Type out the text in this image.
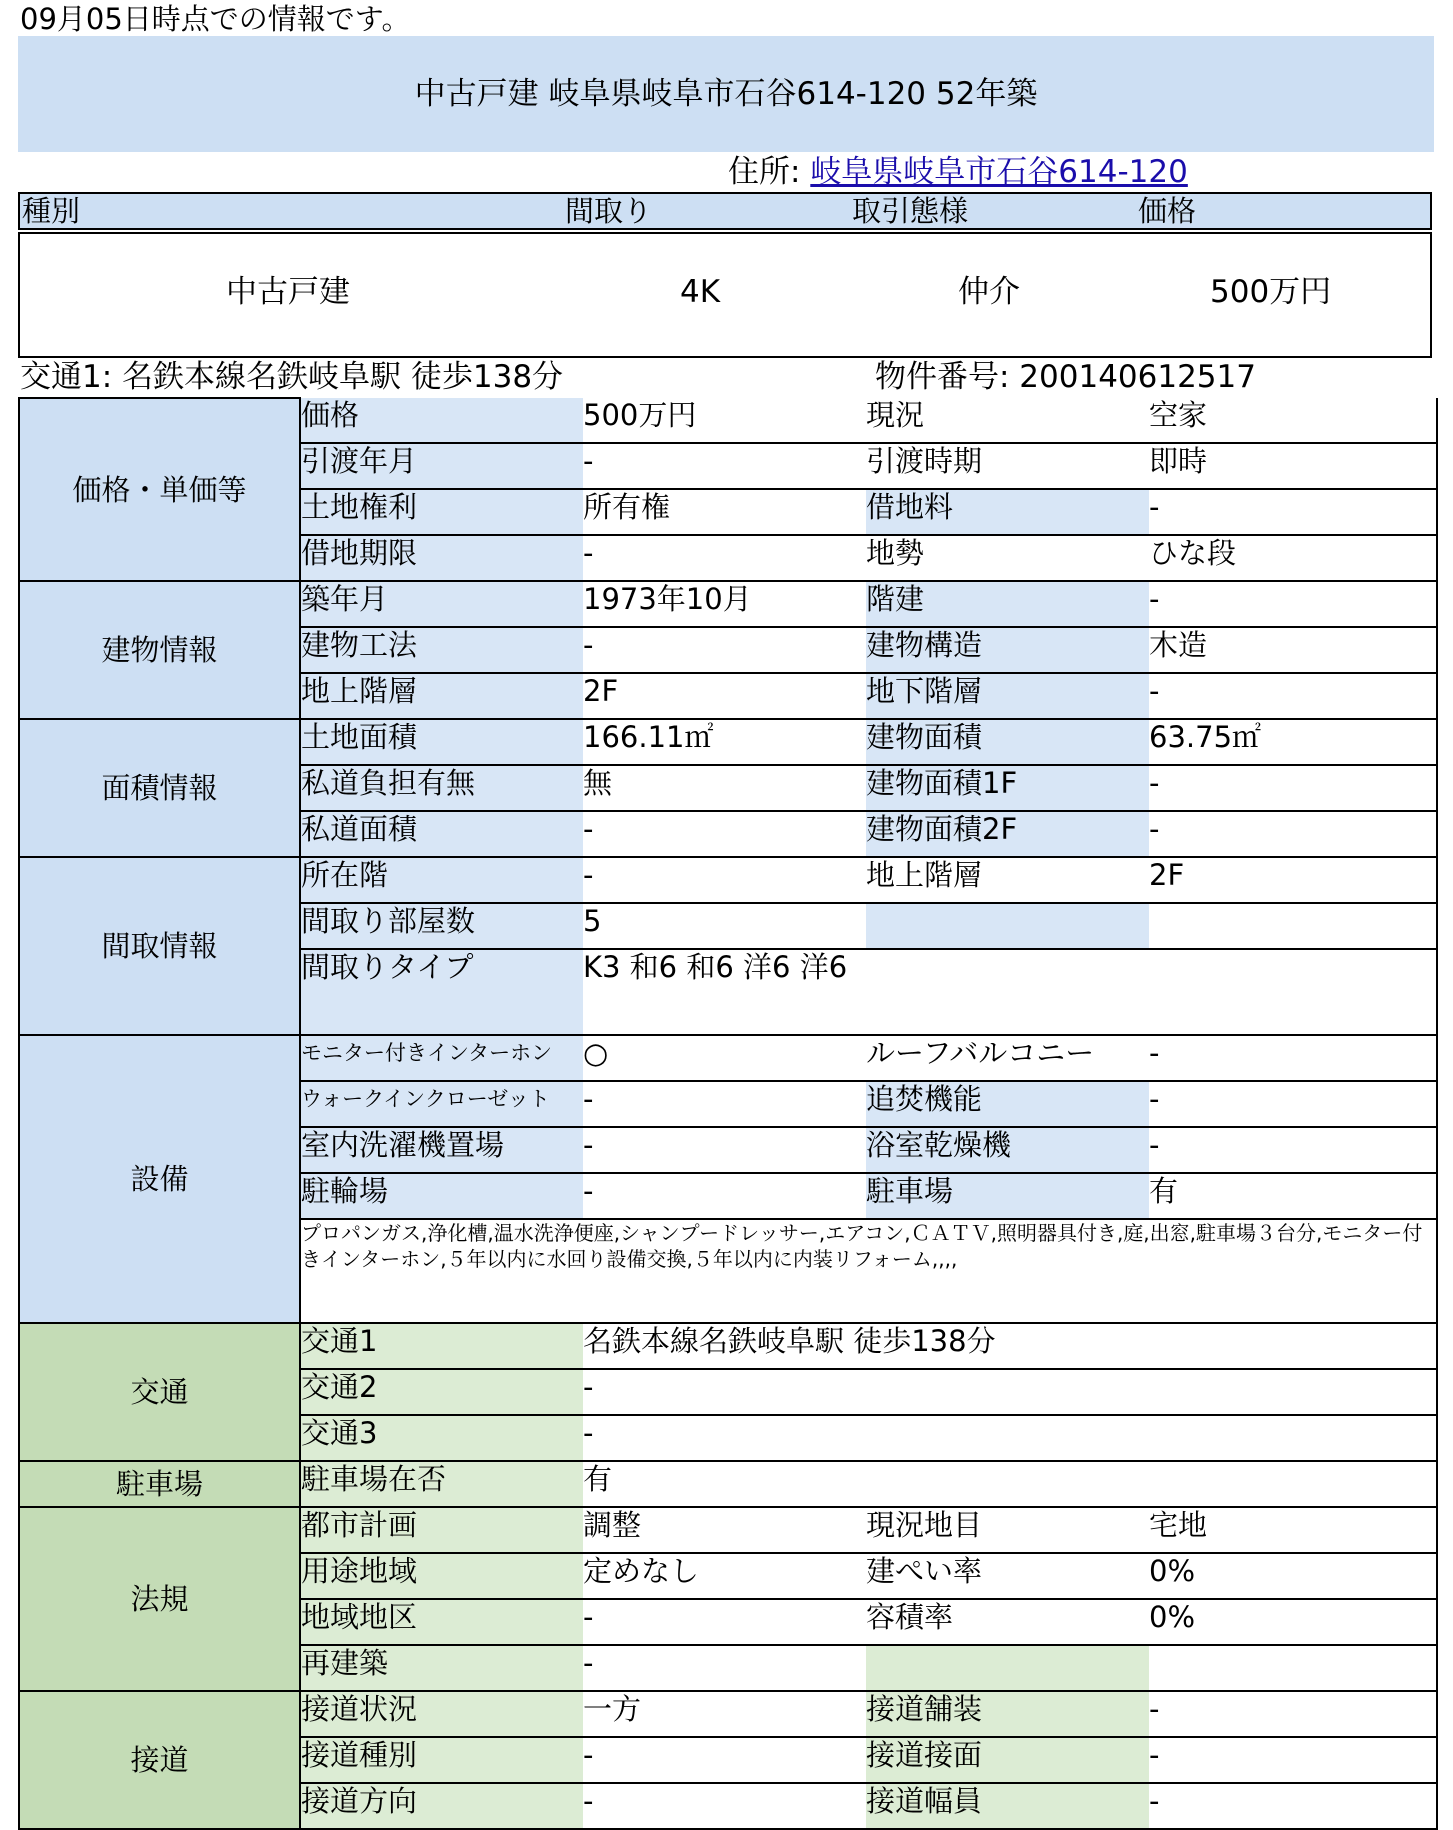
09月05日時点での情報です。
中古戸建 岐阜県岐阜市石谷614-120 52年築
住所: 岐阜県岐阜市石谷614-120
種別	間取り	取引態様	価格
中古戸建	4K	仲介	500万円
交通1: 名鉄本線名鉄岐阜駅 徒歩138分	物件番号: 200140612517
価格・単価等	価格	500万円	現況	空家
	引渡年月	-	引渡時期	即時
	土地権利	所有権	借地料	-
	借地期限	-	地勢	ひな段
建物情報	築年月	1973年10月	階建	-
	建物工法	-	建物構造	木造
	地上階層	2F	地下階層	-
面積情報	土地面積	166.11㎡	建物面積	63.75㎡
	私道負担有無	無	建物面積1F	-
	私道面積	-	建物面積2F	-
間取情報	所在階	-	地上階層	2F
	間取り部屋数	5		
	間取りタイプ	K3 和6 和6 洋6 洋6		
設備	モニター付きインターホン	○	ルーフバルコニー	-
	ウォークインクローゼット	-	追焚機能	-
	室内洗濯機置場	-	浴室乾燥機	-
	駐輪場	-	駐車場	有
	プロパンガス,浄化槽,温水洗浄便座,シャンプードレッサー,エアコン,ＣＡＴＶ,照明器具付き,庭,出窓,駐車場３台分,モニター付きインターホン,５年以内に水回り設備交換,５年以内に内装リフォーム,,,,			
交通	交通1	名鉄本線名鉄岐阜駅 徒歩138分		
	交通2	-		
	交通3	-		
駐車場	駐車場在否	有		
法規	都市計画	調整	現況地目	宅地
	用途地域	定めなし	建ぺい率	0%
	地域地区	-	容積率	0%
	再建築	-		
接道	接道状況	一方	接道舗装	-
	接道種別	-	接道接面	-
	接道方向	-	接道幅員	-
